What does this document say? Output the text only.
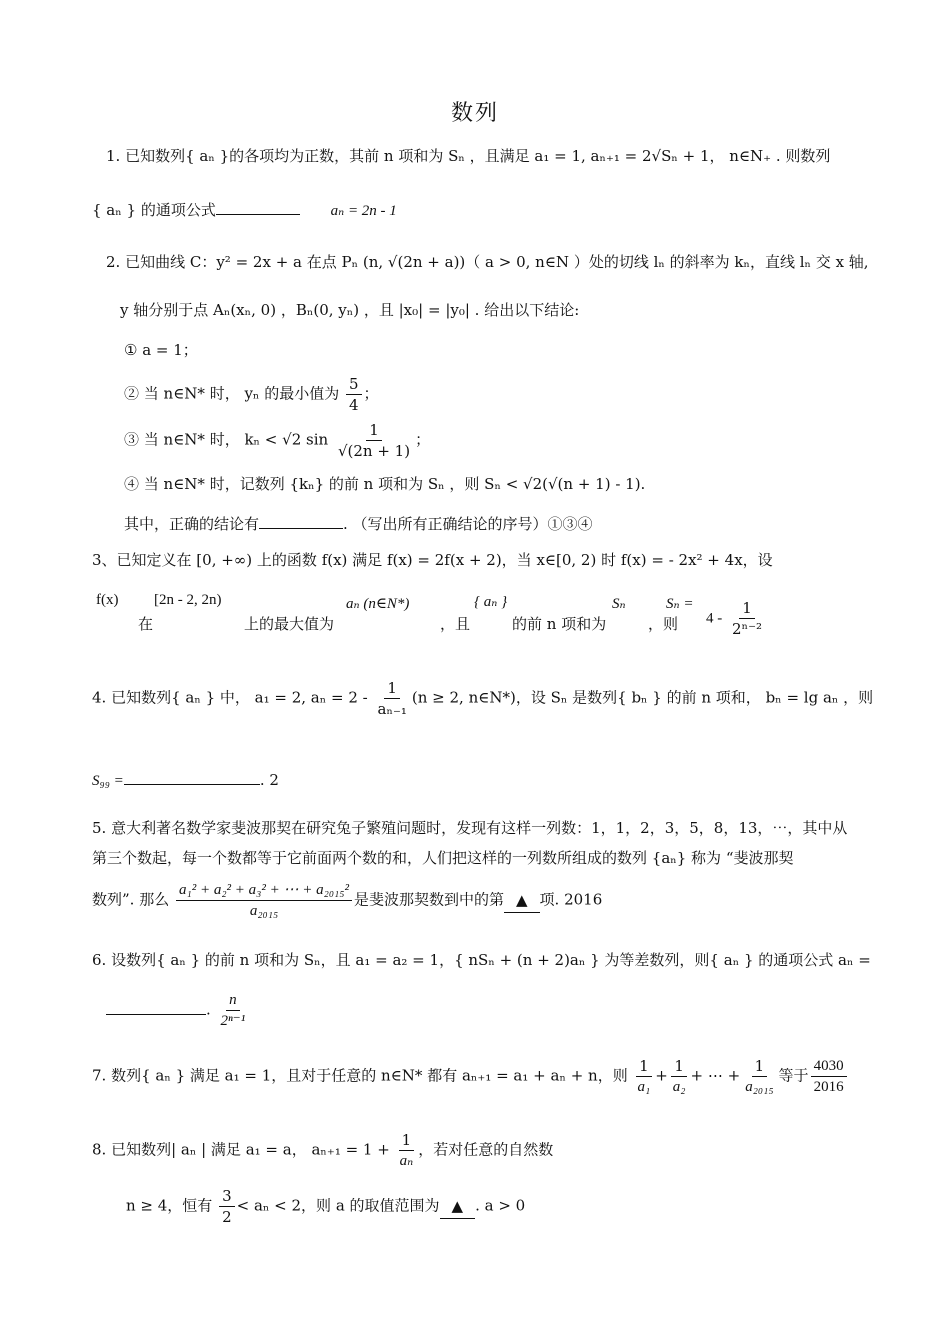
数列
1. 已知数列{ aₙ }的各项均为正数，其前 n 项和为 Sₙ ，且满足 a₁ = 1, aₙ₊₁ = 2√Sₙ + 1， n∈N₊ . 则数列
{ aₙ } 的通项公式	aₙ = 2n - 1
2. 已知曲线 C：y² = 2x + a 在点 Pₙ (n, √(2n + a))（ a > 0, n∈N ）处的切线 lₙ 的斜率为 kₙ，直线 lₙ 交 x 轴,
y 轴分别于点 Aₙ(xₙ, 0) ，Bₙ(0, yₙ) ，且 |x₀| = |y₀| . 给出以下结论:
① a = 1；
② 当 n∈N* 时， yₙ 的最小值为 $\frac{5}{4}$ ；
③ 当 n∈N* 时， kₙ < √2 $\sin \frac{1}{√(2n + 1)}$ ；
④ 当 n∈N* 时，记数列 {kₙ} 的前 n 项和为 Sₙ ，则 Sₙ < √2(√(n + 1) - 1).
其中，正确的结论有	. （写出所有正确结论的序号）①③④
3、已知定义在 [0, +∞) 上的函数 f(x) 满足 f(x) = 2f(x + 2)，当 x∈[0, 2) 时 f(x) = - 2x² + 4x，设
f(x) [2n - 2, 2n)	aₙ (n∈N*)	{ aₙ }	Sₙ	Sₙ =
在	上的最大值为	，且	的前 n 项和为	，则 $4 - \frac{1}{\text{2ⁿ⁻²}}$
4. 已知数列{ aₙ } 中， a₁ = 2, $a_n = 2 - \frac{1}{\text{aₙ₋₁}} (n \ge 2$, n∈N*)，设 Sₙ 是数列{ bₙ } 的前 n 项和， bₙ = lg aₙ ，则
S₉₉ =	. 2
5. 意大利著名数学家斐波那契在研究兔子繁殖问题时，发现有这样一列数：1，1，2，3，5，8，13，⋯，其中从
第三个数起，每一个数都等于它前面两个数的和，人们把这样的一列数所组成的数列 {aₙ} 称为 “斐波那契
数列”. 那么 $\frac{\text{a₁² + a₂² + a₃² + ⋯ + a₂₀₁₅²}}{\text{a₂₀₁₅}}$ 是斐波那契数到中的第 ▲ 项. 2016
6. 设数列{ aₙ } 的前 n 项和为 Sₙ，且 a₁ = a₂ = 1，{ nSₙ + (n + 2)aₙ } 为等差数列，则{ aₙ } 的通项公式 aₙ =
. $\frac{n}{\text{2ⁿ⁻¹}}$
7. 数列{ aₙ } 满足 a₁ = 1，且对于任意的 n∈N* 都有 aₙ₊₁ = a₁ + aₙ + n，则 $\frac{1}{\text{a₁}} + \frac{1}{\text{a₂}}$ + ⋯ + $\frac{1}{\text{a₂₀₁₅}}$ 等于 $\frac{4030}{2016}$
8. 已知数列| aₙ | 满足 a₁ = a， $a_{n+1} = 1 + \frac{1}{\text{aₙ}}$ ，若对任意的自然数
n ≥ 4，恒有 $\frac{3}{2} < a_n < 2$，则 a 的取值范围为 ▲ . a > 0
